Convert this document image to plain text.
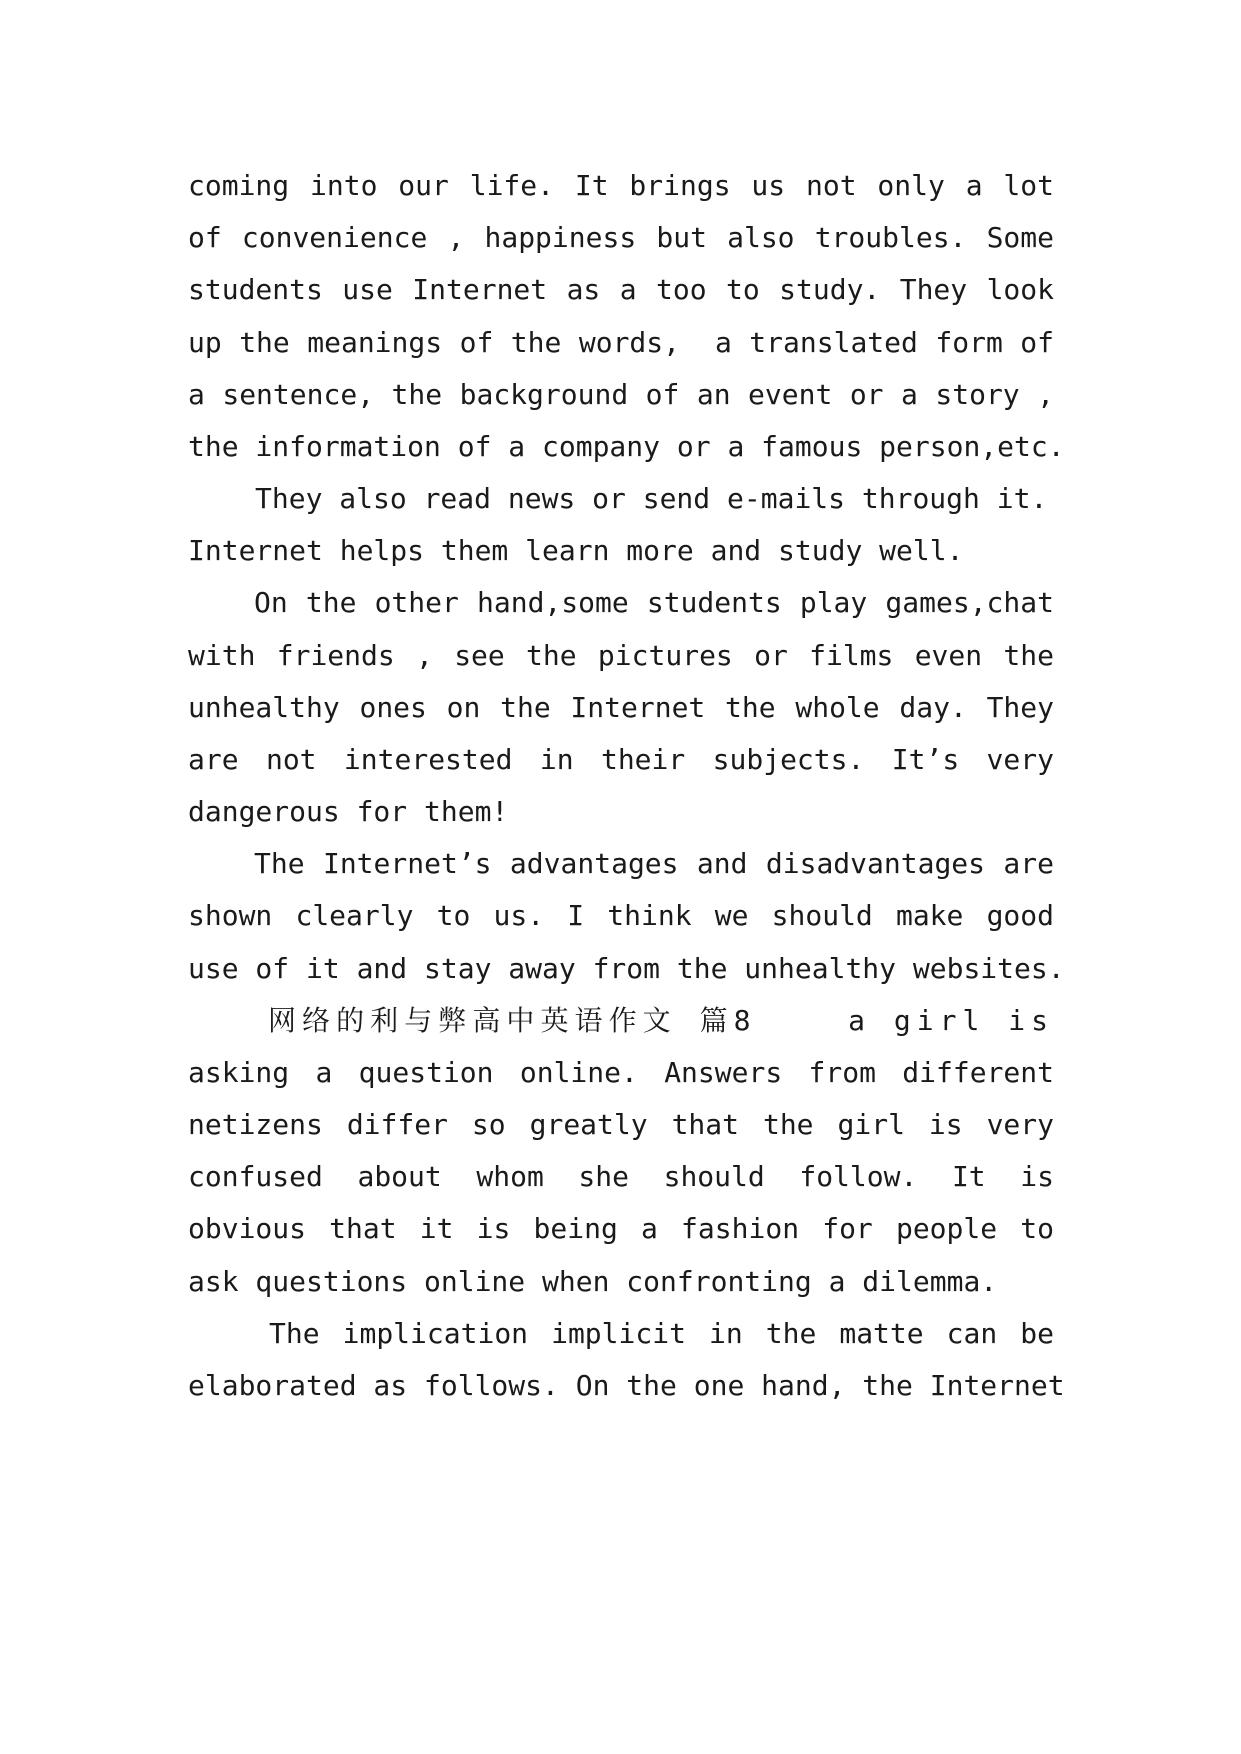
coming into our life. It brings us not only a lot
of convenience , happiness but also troubles. Some
students use Internet as a too to study. They look
up the meanings of the words,  a translated form of
a sentence, the background of an event or a story ,
the information of a company or a famous person,etc.
They also read news or send e-mails through it.
Internet helps them learn more and study well.
On the other hand,some students play games,chat
with friends , see the pictures or films even the
unhealthy ones on the Internet the whole day. They
are not interested in their subjects. It’s very
dangerous for them!
The Internet’s advantages and disadvantages are
shown clearly to us. I think we should make good
use of it and stay away from the unhealthy websites.
网络的利与弊高中英语作文 篇8    a girl is
asking a question online. Answers from different
netizens differ so greatly that the girl is very
confused about whom she should follow. It is
obvious that it is being a fashion for people to
ask questions online when confronting a dilemma.
The implication implicit in the matte can be
elaborated as follows. On the one hand, the Internet
